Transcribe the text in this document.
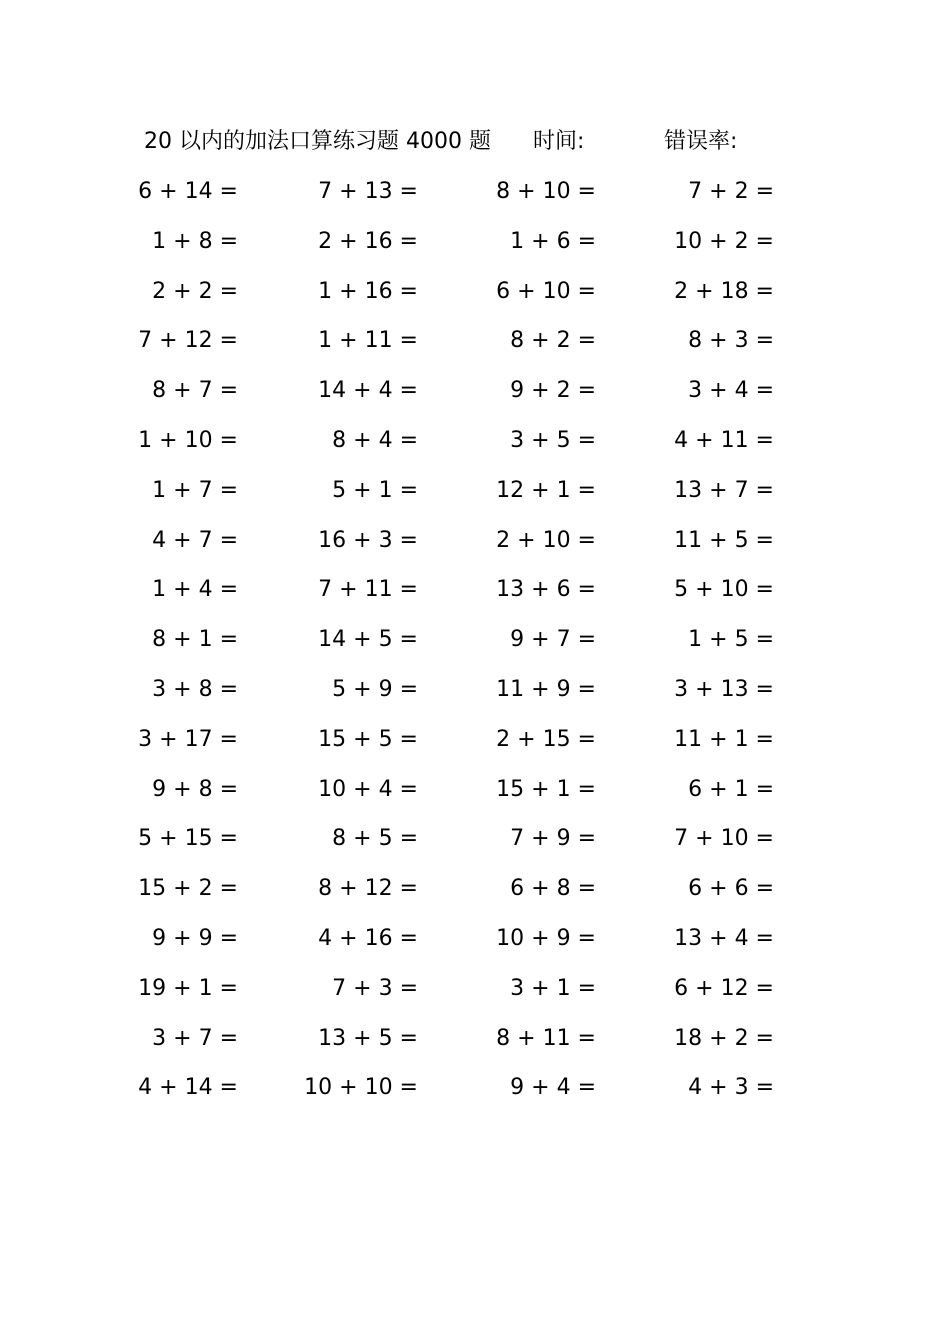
20 以内的加法口算练习题 4000 题 时间:	错误率:
6 + 14 =	7 + 13 =	8 + 10 =	7 + 2 =
1 + 8 =	2 + 16 =	1 + 6 =	10 + 2 =
2 + 2 =	1 + 16 =	6 + 10 =	2 + 18 =
7 + 12 =	1 + 11 =	8 + 2 =	8 + 3 =
8 + 7 =	14 + 4 =	9 + 2 =	3 + 4 =
1 + 10 =	8 + 4 =	3 + 5 =	4 + 11 =
1 + 7 =	5 + 1 =	12 + 1 =	13 + 7 =
4 + 7 =	16 + 3 =	2 + 10 =	11 + 5 =
1 + 4 =	7 + 11 =	13 + 6 =	5 + 10 =
8 + 1 =	14 + 5 =	9 + 7 =	1 + 5 =
3 + 8 =	5 + 9 =	11 + 9 =	3 + 13 =
3 + 17 =	15 + 5 =	2 + 15 =	11 + 1 =
9 + 8 =	10 + 4 =	15 + 1 =	6 + 1 =
5 + 15 =	8 + 5 =	7 + 9 =	7 + 10 =
15 + 2 =	8 + 12 =	6 + 8 =	6 + 6 =
9 + 9 =	4 + 16 =	10 + 9 =	13 + 4 =
19 + 1 =	7 + 3 =	3 + 1 =	6 + 12 =
3 + 7 =	13 + 5 =	8 + 11 =	18 + 2 =
4 + 14 =	10 + 10 =	9 + 4 =	4 + 3 =
